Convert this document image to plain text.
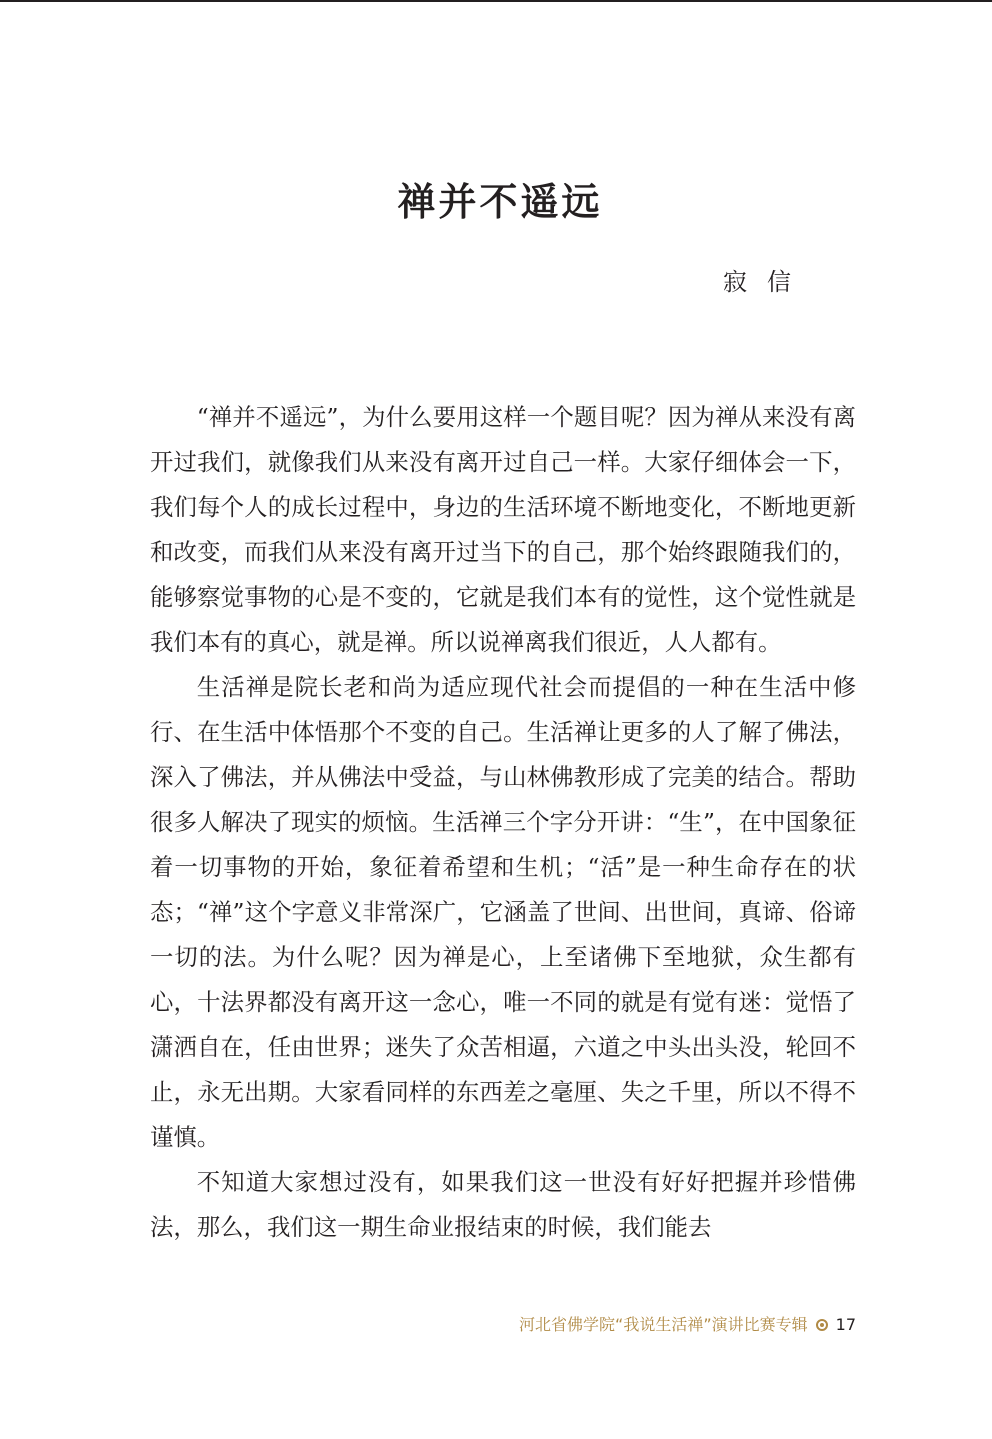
禅并不遥远
寂信

“禅并不遥远”，为什么要用这样一个题目呢？因为禅从来没有离开过我们，就像我们从来没有离开过自己一样。大家仔细体会一下，我们每个人的成长过程中，身边的生活环境不断地变化，不断地更新和改变，而我们从来没有离开过当下的自己，那个始终跟随我们的，能够察觉事物的心是不变的，它就是我们本有的觉性，这个觉性就是我们本有的真心，就是禅。所以说禅离我们很近，人人都有。

生活禅是院长老和尚为适应现代社会而提倡的一种在生活中修行、在生活中体悟那个不变的自己。生活禅让更多的人了解了佛法，深入了佛法，并从佛法中受益，与山林佛教形成了完美的结合。帮助很多人解决了现实的烦恼。生活禅三个字分开讲：“生”，在中国象征着一切事物的开始，象征着希望和生机；“活”是一种生命存在的状态；“禅”这个字意义非常深广，它涵盖了世间、出世间，真谛、俗谛一切的法。为什么呢？因为禅是心，上至诸佛下至地狱，众生都有心，十法界都没有离开这一念心，唯一不同的就是有觉有迷：觉悟了潇洒自在，任由世界；迷失了众苦相逼，六道之中头出头没，轮回不止，永无出期。大家看同样的东西差之毫厘、失之千里，所以不得不谨慎。

不知道大家想过没有，如果我们这一世没有好好把握并珍惜佛法，那么，我们这一期生命业报结束的时候，我们能去

河北省佛学院“我说生活禅”演讲比赛专辑 17
